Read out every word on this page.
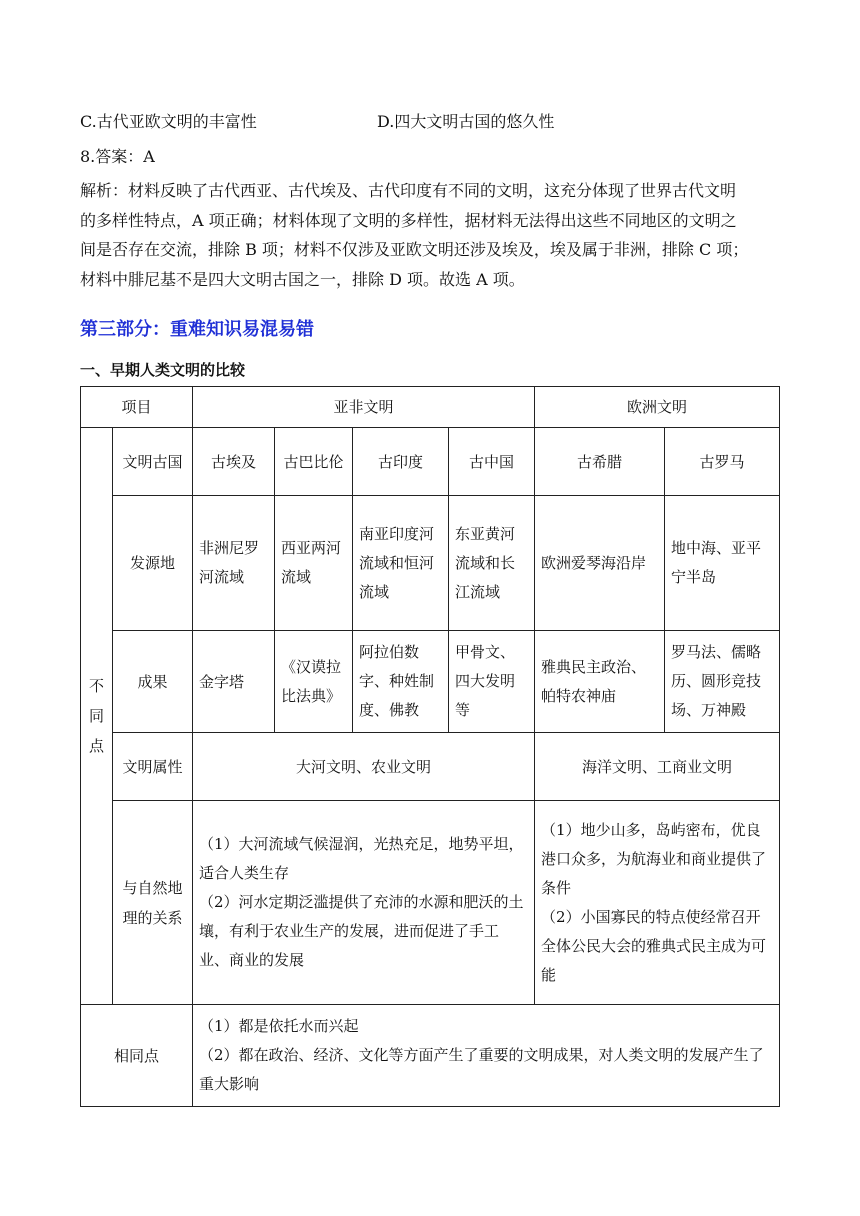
C.古代亚欧文明的丰富性	D.四大文明古国的悠久性
8.答案：A
解析：材料反映了古代西亚、古代埃及、古代印度有不同的文明，这充分体现了世界古代文明
的多样性特点，A 项正确；材料体现了文明的多样性，据材料无法得出这些不同地区的文明之
间是否存在交流，排除 B 项；材料不仅涉及亚欧文明还涉及埃及，埃及属于非洲，排除 C 项；
材料中腓尼基不是四大文明古国之一，排除 D 项。故选 A 项。
第三部分：重难知识易混易错
一、早期人类文明的比较
项目		亚非文明				欧洲文明	

不同点	文明古国	古埃及	古巴比伦	古印度	古中国	古希腊	古罗马
	发源地	非洲尼罗河流域	西亚两河流域	南亚印度河流域和恒河流域	东亚黄河流域和长江流域	欧洲爱琴海沿岸	地中海、亚平宁半岛
	成果	金字塔	《汉谟拉比法典》	阿拉伯数字、种姓制度、佛教	甲骨文、四大发明等	雅典民主政治、帕特农神庙	罗马法、儒略历、圆形竞技场、万神殿
	文明属性	大河文明、农业文明				海洋文明、工商业文明	
	与自然地理的关系	（1）大河流域气候湿润，光热充足，地势平坦，适合人类生存
（2）河水定期泛滥提供了充沛的水源和肥沃的土壤，有利于农业生产的发展，进而促进了手工业、商业的发展				（1）地少山多，岛屿密布，优良港口众多，为航海业和商业提供了条件
（2）小国寡民的特点使经常召开全体公民大会的雅典式民主成为可能	

相同点		（1）都是依托水而兴起
（2）都在政治、经济、文化等方面产生了重要的文明成果，对人类文明的发展产生了重大影响					
